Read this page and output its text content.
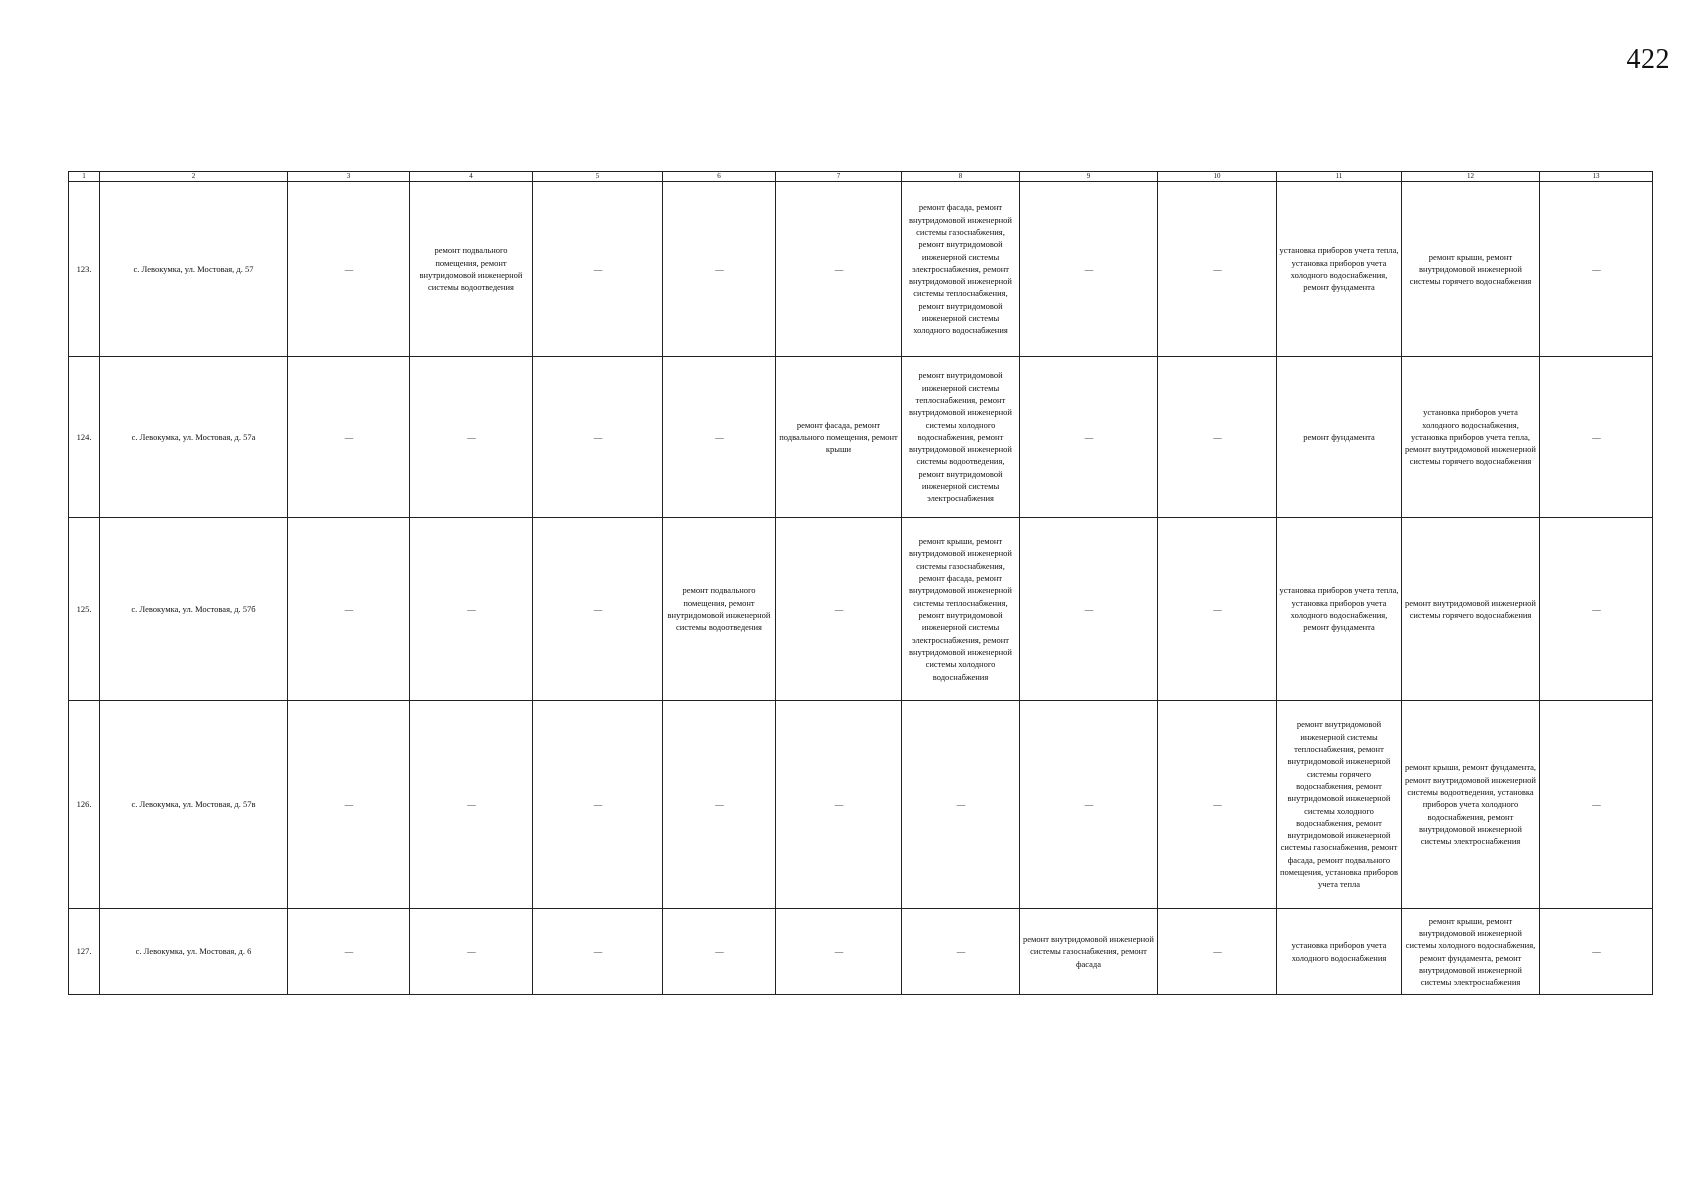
422
1	2	3	4	5	6	7	8	9	10	11	12	13
123.	с. Левокумка, ул. Мостовая, д. 57	—	ремонт подвального помещения, ремонт внутридомовой инженерной системы водоотведения	—	—	—	ремонт фасада, ремонт внутридомовой инженерной системы газоснабжения, ремонт внутридомовой инженерной системы электроснабжения, ремонт внутридомовой инженерной системы теплоснабжения, ремонт внутридомовой инженерной системы холодного водоснабжения	—	—	установка приборов учета тепла, установка приборов учета холодного водоснабжения, ремонт фундамента	ремонт крыши, ремонт внутридомовой инженерной системы горячего водоснабжения	—
124.	с. Левокумка, ул. Мостовая, д. 57а	—	—	—	—	ремонт фасада, ремонт подвального помещения, ремонт крыши	ремонт внутридомовой инженерной системы теплоснабжения, ремонт внутридомовой инженерной системы холодного водоснабжения, ремонт внутридомовой инженерной системы водоотведения, ремонт внутридомовой инженерной системы электроснабжения	—	—	ремонт фундамента	установка приборов учета холодного водоснабжения, установка приборов учета тепла, ремонт внутридомовой инженерной системы горячего водоснабжения	—
125.	с. Левокумка, ул. Мостовая, д. 57б	—	—	—	ремонт подвального помещения, ремонт внутридомовой инженерной системы водоотведения	—	ремонт крыши, ремонт внутридомовой инженерной системы газоснабжения, ремонт фасада, ремонт внутридомовой инженерной системы теплоснабжения, ремонт внутридомовой инженерной системы электроснабжения, ремонт внутридомовой инженерной системы холодного водоснабжения	—	—	установка приборов учета тепла, установка приборов учета холодного водоснабжения, ремонт фундамента	ремонт внутридомовой инженерной системы горячего водоснабжения	—
126.	с. Левокумка, ул. Мостовая, д. 57в	—	—	—	—	—	—	—	—	ремонт внутридомовой инженерной системы теплоснабжения, ремонт внутридомовой инженерной системы горячего водоснабжения, ремонт внутридомовой инженерной системы холодного водоснабжения, ремонт внутридомовой инженерной системы газоснабжения, ремонт фасада, ремонт подвального помещения, установка приборов учета тепла	ремонт крыши, ремонт фундамента, ремонт внутридомовой инженерной системы водоотведения, установка приборов учета холодного водоснабжения, ремонт внутридомовой инженерной системы электроснабжения	—
127.	с. Левокумка, ул. Мостовая, д. 6	—	—	—	—	—	—	ремонт внутридомовой инженерной системы газоснабжения, ремонт фасада	—	установка приборов учета холодного водоснабжения	ремонт крыши, ремонт внутридомовой инженерной системы холодного водоснабжения, ремонт фундамента, ремонт внутридомовой инженерной системы электроснабжения	—
